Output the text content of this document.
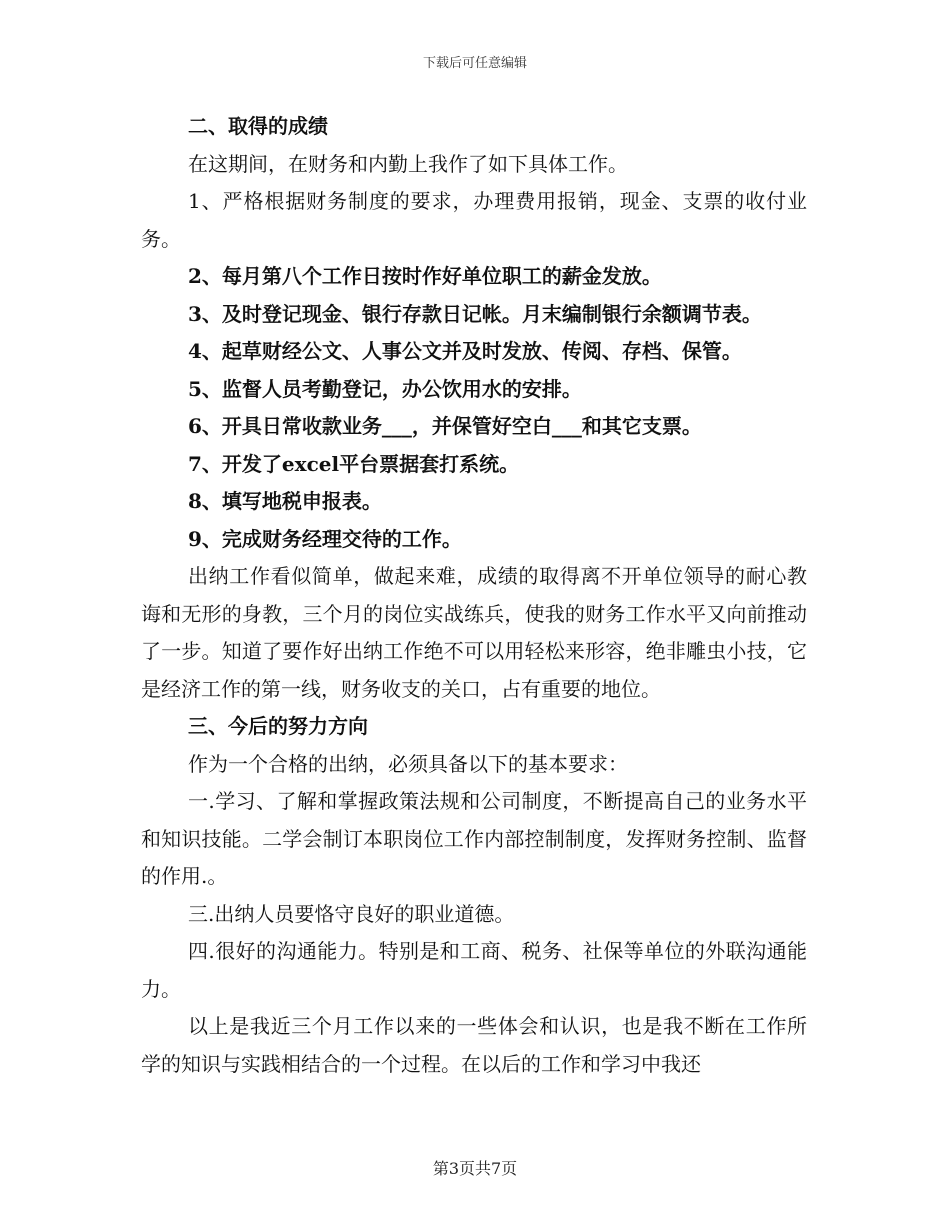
下载后可任意编辑

二、取得的成绩

在这期间，在财务和内勤上我作了如下具体工作。

1、严格根据财务制度的要求，办理费用报销，现金、支票的收付业务。

2、每月第八个工作日按时作好单位职工的薪金发放。

3、及时登记现金、银行存款日记帐。月末编制银行余额调节表。

4、起草财经公文、人事公文并及时发放、传阅、存档、保管。

5、监督人员考勤登记，办公饮用水的安排。

6、开具日常收款业务___，并保管好空白___和其它支票。

7、开发了excel平台票据套打系统。

8、填写地税申报表。

9、完成财务经理交待的工作。

出纳工作看似简单，做起来难，成绩的取得离不开单位领导的耐心教诲和无形的身教，三个月的岗位实战练兵，使我的财务工作水平又向前推动了一步。知道了要作好出纳工作绝不可以用轻松来形容，绝非雕虫小技，它是经济工作的第一线，财务收支的关口，占有重要的地位。

三、今后的努力方向

作为一个合格的出纳，必须具备以下的基本要求：

一.学习、了解和掌握政策法规和公司制度，不断提高自己的业务水平和知识技能。二学会制订本职岗位工作内部控制制度，发挥财务控制、监督的作用.。

三.出纳人员要恪守良好的职业道德。

四.很好的沟通能力。特别是和工商、税务、社保等单位的外联沟通能力。

以上是我近三个月工作以来的一些体会和认识，也是我不断在工作所学的知识与实践相结合的一个过程。在以后的工作和学习中我还

第3页共7页
